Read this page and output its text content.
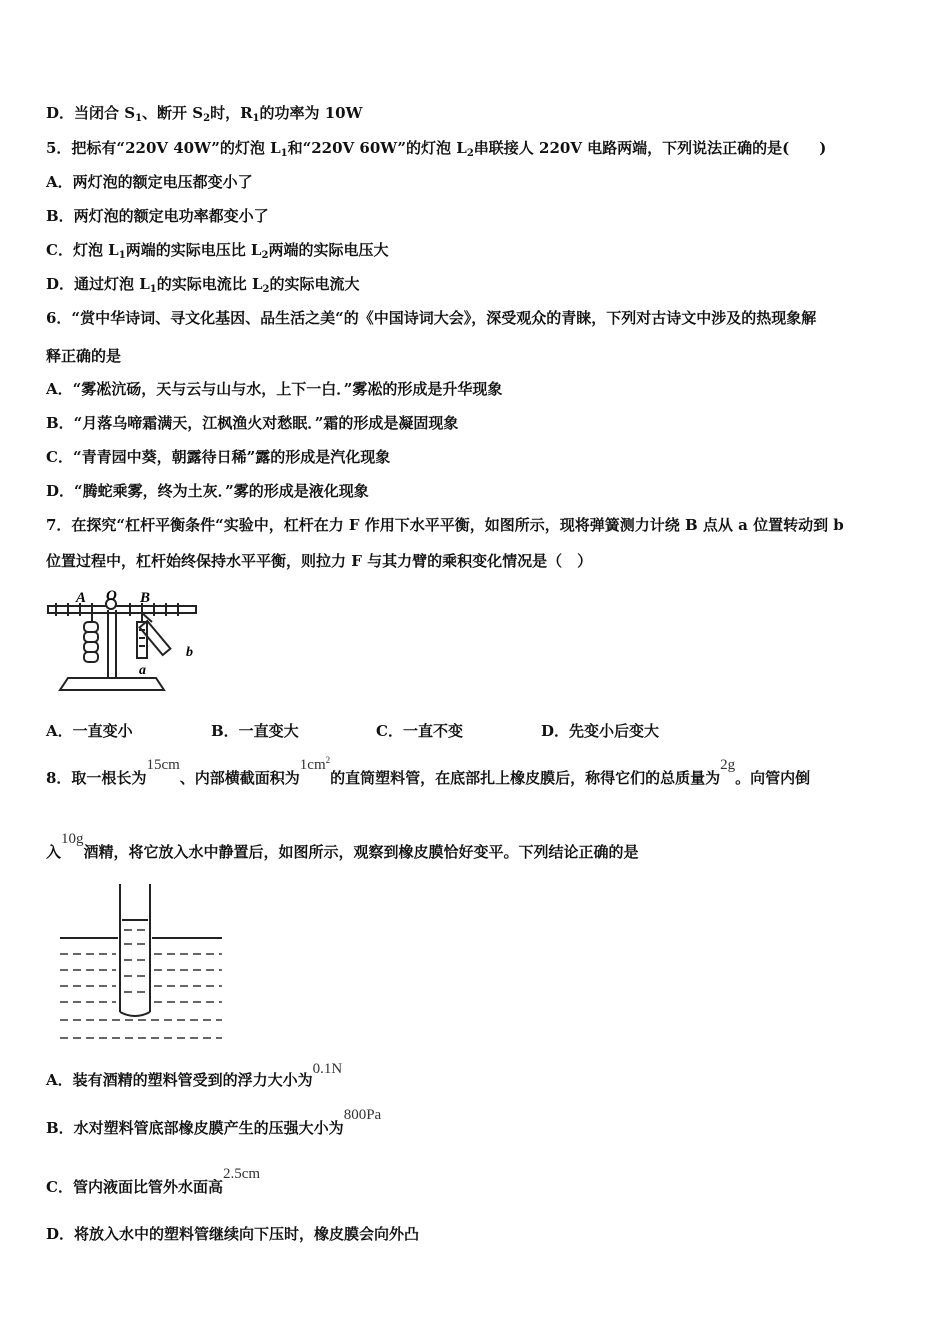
D．当闭合 $S_1$、断开 $S_2$时，$R_1$的功率为 10W
5．把标有“220V 40W”的灯泡 $L_1$和“220V 60W”的灯泡 $L_2$串联接人 220V 电路两端，下列说法正确的是(　　)
A．两灯泡的额定电压都变小了
B．两灯泡的额定电功率都变小了
C．灯泡 $L_1$两端的实际电压比 $L_2$两端的实际电压大
D．通过灯泡 $L_1$的实际电流比 $L_2$的实际电流大
6．“赏中华诗词、寻文化基因、品生活之美“的《中国诗词大会》，深受观众的青睐，下列对古诗文中涉及的热现象解
释正确的是
A．“雾凇沆砀，天与云与山与水，上下一白．”雾凇的形成是升华现象
B．“月落乌啼霜满天，江枫渔火对愁眠．”霜的形成是凝固现象
C．“青青园中葵，朝露待日稀”露的形成是汽化现象
D．“腾蛇乘雾，终为土灰．”雾的形成是液化现象
7．在探究“杠杆平衡条件“实验中，杠杆在力 F 作用下水平平衡，如图所示，现将弹簧测力计绕 B 点从 a 位置转动到 b
位置过程中，杠杆始终保持水平平衡，则拉力 F 与其力臂的乘积变化情况是（　）
A O B
a
b
A．一直变小	B．一直变大	C．一直不变	D．先变小后变大
8．取一根长为15cm、内部横截面积为$1cm^2$的直筒塑料管，在底部扎上橡皮膜后，称得它们的总质量为2g。向管内倒
入10g酒精，将它放入水中静置后，如图所示，观察到橡皮膜恰好变平。下列结论正确的是
A．装有酒精的塑料管受到的浮力大小为0.1N
B．水对塑料管底部橡皮膜产生的压强大小为800Pa
C．管内液面比管外水面高2.5cm
D．将放入水中的塑料管继续向下压时，橡皮膜会向外凸
